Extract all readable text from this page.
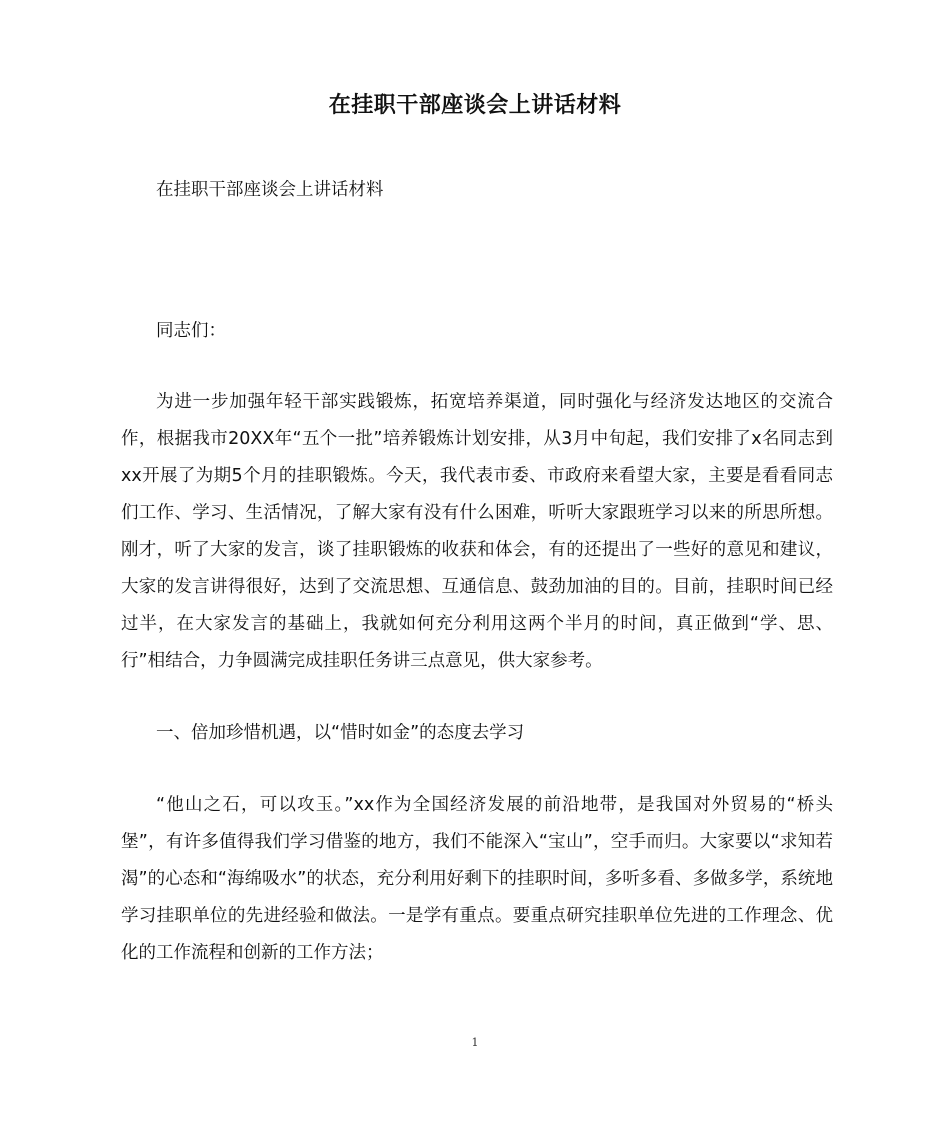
在挂职干部座谈会上讲话材料
在挂职干部座谈会上讲话材料
同志们：
为进一步加强年轻干部实践锻炼，拓宽培养渠道，同时强化与经济发达地区的交流合作，根据我市20XX年“五个一批”培养锻炼计划安排，从3月中旬起，我们安排了x名同志到xx开展了为期5个月的挂职锻炼。今天，我代表市委、市政府来看望大家，主要是看看同志们工作、学习、生活情况，了解大家有没有什么困难，听听大家跟班学习以来的所思所想。刚才，听了大家的发言，谈了挂职锻炼的收获和体会，有的还提出了一些好的意见和建议，大家的发言讲得很好，达到了交流思想、互通信息、鼓劲加油的目的。目前，挂职时间已经过半，在大家发言的基础上，我就如何充分利用这两个半月的时间，真正做到“学、思、行”相结合，力争圆满完成挂职任务讲三点意见，供大家参考。
一、倍加珍惜机遇，以“惜时如金”的态度去学习
“他山之石，可以攻玉。”xx作为全国经济发展的前沿地带，是我国对外贸易的“桥头堡”，有许多值得我们学习借鉴的地方，我们不能深入“宝山”，空手而归。大家要以“求知若渴”的心态和“海绵吸水”的状态，充分利用好剩下的挂职时间，多听多看、多做多学，系统地学习挂职单位的先进经验和做法。一是学有重点。要重点研究挂职单位先进的工作理念、优化的工作流程和创新的工作方法；
1
